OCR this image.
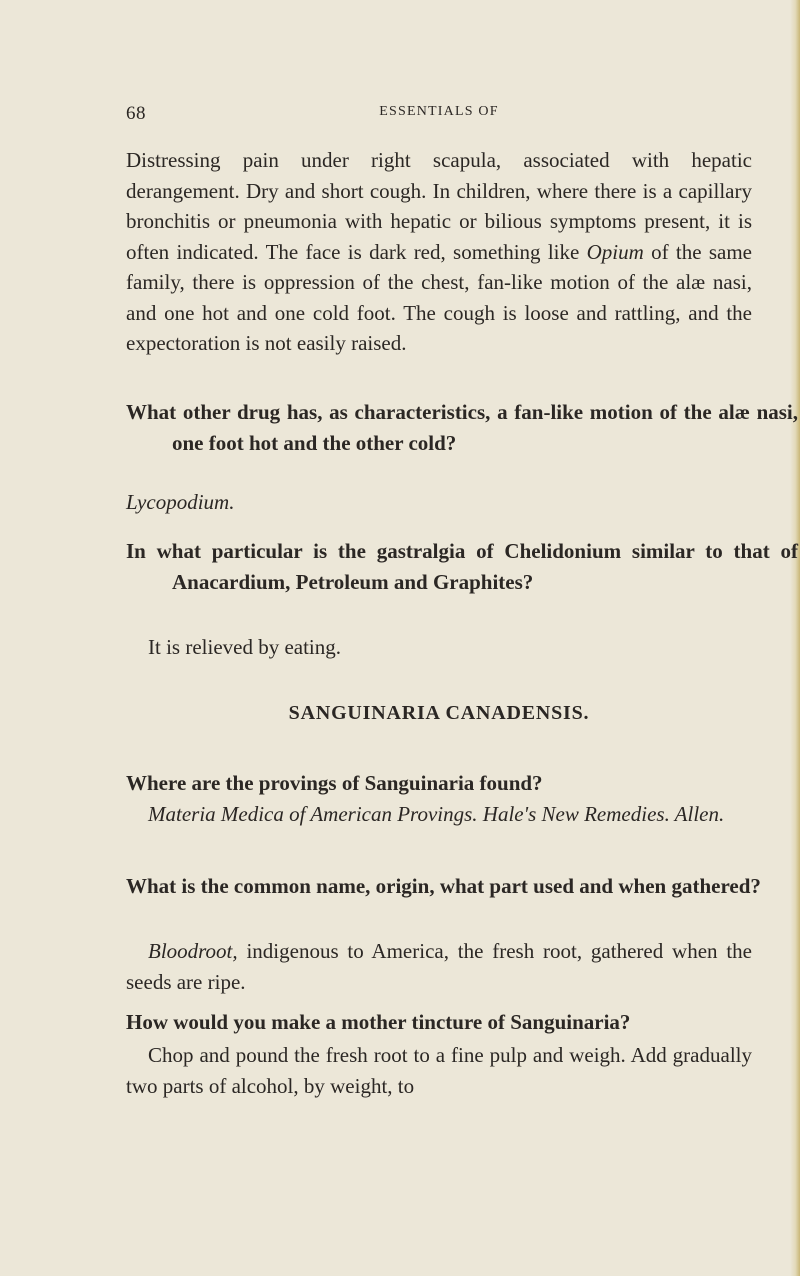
68	ESSENTIALS OF
Distressing pain under right scapula, associated with hepatic derangement. Dry and short cough. In children, where there is a capillary bronchitis or pneumonia with hepatic or bilious symptoms present, it is often indicated. The face is dark red, something like Opium of the same family, there is oppression of the chest, fan-like motion of the alæ nasi, and one hot and one cold foot. The cough is loose and rattling, and the expectoration is not easily raised.
What other drug has, as characteristics, a fan-like motion of the alæ nasi, one foot hot and the other cold?
Lycopodium.
In what particular is the gastralgia of Chelidonium similar to that of Anacardium, Petroleum and Graphites?
It is relieved by eating.
SANGUINARIA CANADENSIS.
Where are the provings of Sanguinaria found?
Materia Medica of American Provings. Hale's New Remedies. Allen.
What is the common name, origin, what part used and when gathered?
Bloodroot, indigenous to America, the fresh root, gathered when the seeds are ripe.
How would you make a mother tincture of Sanguinaria?
Chop and pound the fresh root to a fine pulp and weigh. Add gradually two parts of alcohol, by weight, to
